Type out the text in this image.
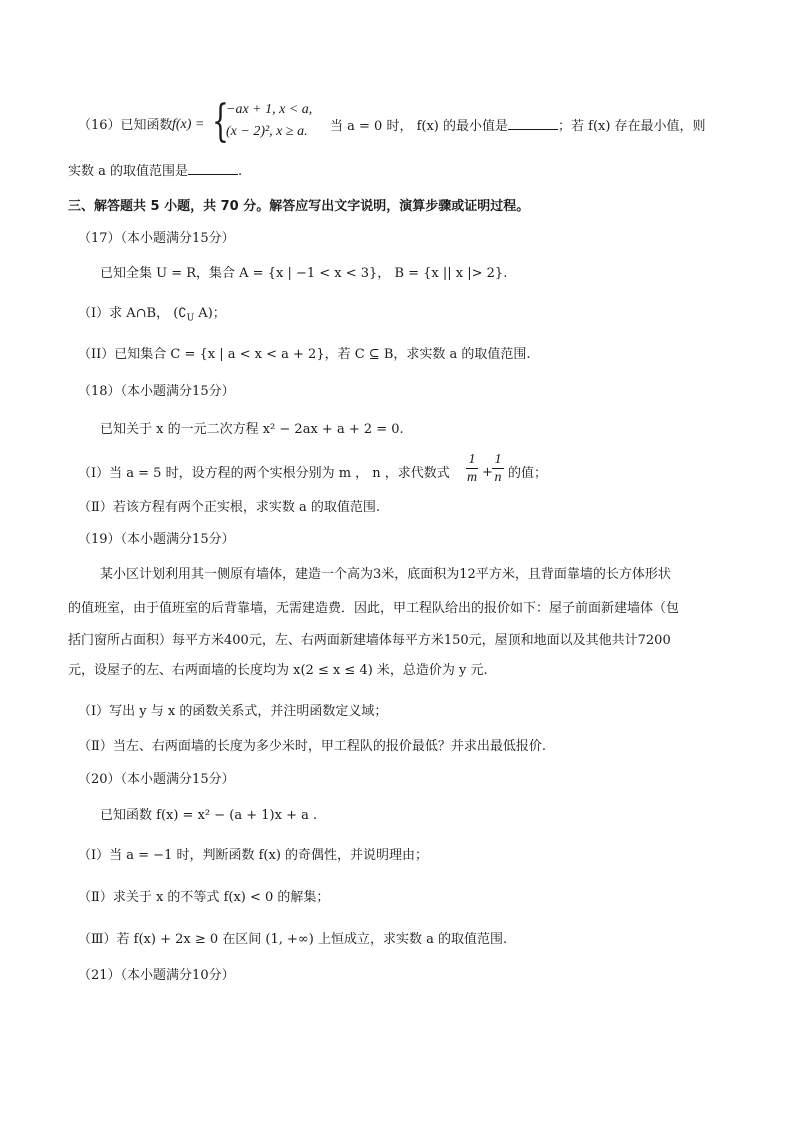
（16）已知函数 f(x) = {
−ax + 1, x < a,
(x − 2)², x ≥ a. 当 a = 0 时， f(x) 的最小值是	；若 f(x) 存在最小值，则
实数 a 的取值范围是	.
三、解答题共 5 小题，共 70 分。解答应写出文字说明，演算步骤或证明过程。
（17）（本小题满分15分）
已知全集 U = R，集合 A = {x | −1 < x < 3}， B = {x || x |> 2}.
（I）求 A∩B， ($∁_U$ A)；
（II）已知集合 C = {x | a < x < a + 2}，若 C ⊆ B，求实数 a 的取值范围.
（18）（本小题满分15分）
已知关于 x 的一元二次方程 x² − 2ax + a + 2 = 0.
（Ⅰ）当 a = 5 时，设方程的两个实根分别为 m ， n ，求代数式
1
m +
1
n 的值；
（Ⅱ）若该方程有两个正实根，求实数 a 的取值范围.
（19）（本小题满分15分）
某小区计划利用其一侧原有墙体，建造一个高为3米，底面积为12平方米，且背面靠墙的长方体形状
的值班室，由于值班室的后背靠墙，无需建造费．因此，甲工程队给出的报价如下：屋子前面新建墙体（包
括门窗所占面积）每平方米400元，左、右两面新建墙体每平方米150元，屋顶和地面以及其他共计7200
元，设屋子的左、右两面墙的长度均为 x(2 ≤ x ≤ 4) 米，总造价为 y 元.
（Ⅰ）写出 y 与 x 的函数关系式，并注明函数定义域；
（Ⅱ）当左、右两面墙的长度为多少米时，甲工程队的报价最低？并求出最低报价.
（20）（本小题满分15分）
已知函数 f(x) = x² − (a + 1)x + a .
（Ⅰ）当 a = −1 时，判断函数 f(x) 的奇偶性，并说明理由；
（Ⅱ）求关于 x 的不等式 f(x) < 0 的解集；
（Ⅲ）若 f(x) + 2x ≥ 0 在区间 (1, +∞) 上恒成立，求实数 a 的取值范围.
（21）（本小题满分10分）
